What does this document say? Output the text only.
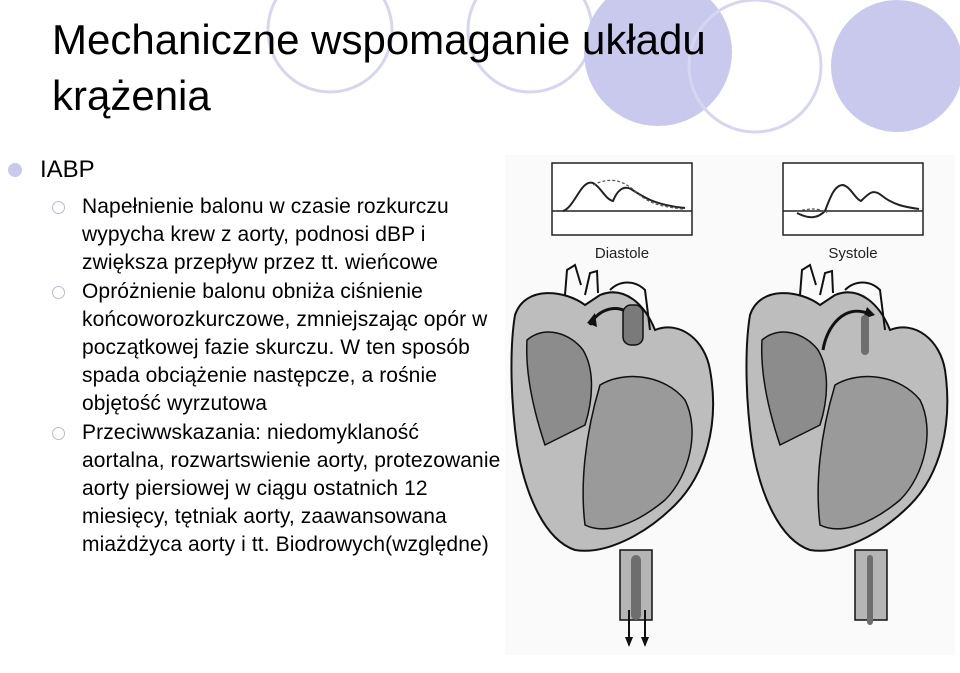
Mechaniczne wspomaganie układu krążenia
IABP
Napełnienie balonu w czasie rozkurczu wypycha krew z aorty, podnosi dBP i zwiększa przepływ przez tt. wieńcowe
Opróżnienie balonu obniża ciśnienie końcoworozkurczowe, zmniejszając opór w początkowej fazie skurczu. W ten sposób spada obciążenie następcze, a rośnie objętość wyrzutowa
Przeciwwskazania: niedomyklaność aortalna, rozwartswienie aorty, protezowanie aorty piersiowej w ciągu ostatnich 12 miesięcy, tętniak aorty, zaawansowana miażdżyca aorty i tt. Biodrowych(względne)
Diastole	Systole
